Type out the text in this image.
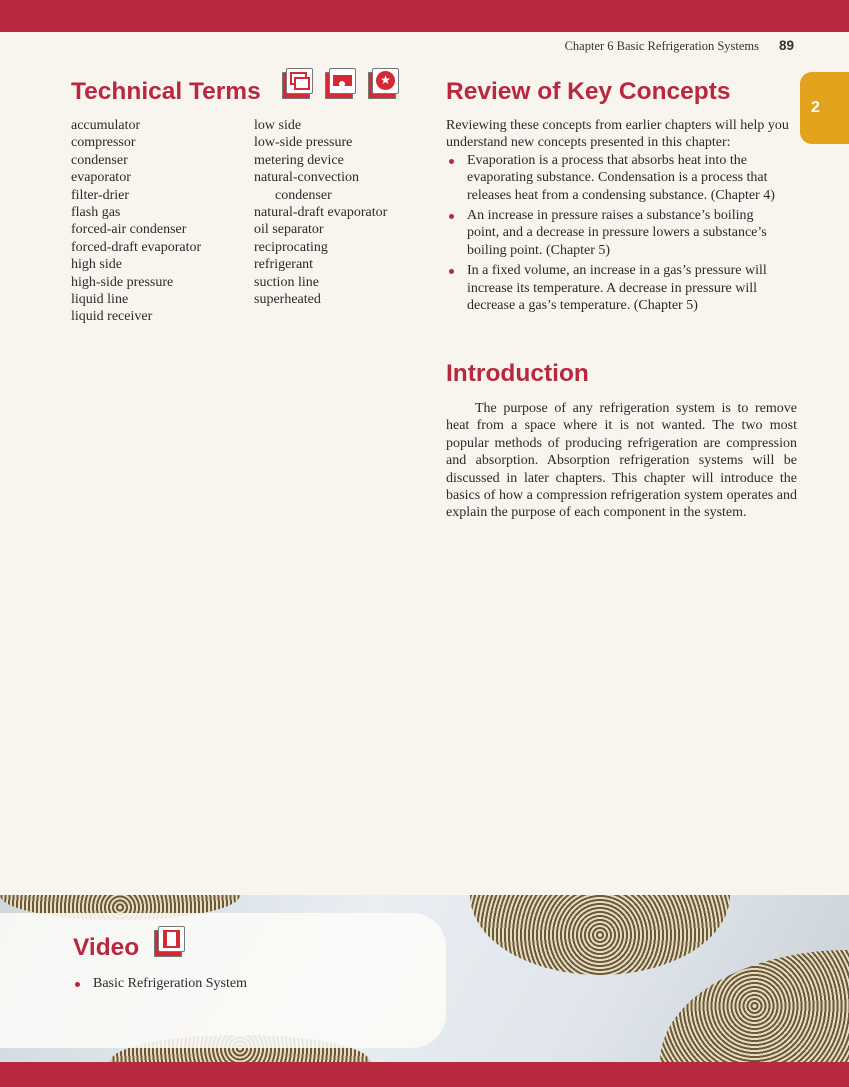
Chapter 6 Basic Refrigeration Systems 89
2
Technical Terms	★
accumulator
compressor
condenser
evaporator
filter-drier
flash gas
forced-air condenser
forced-draft evaporator
high side
high-side pressure
liquid line
liquid receiver
low side
low-side pressure
metering device
natural-convection
condenser
natural-draft evaporator
oil separator
reciprocating
refrigerant
suction line
superheated
Review of Key Concepts
Reviewing these concepts from earlier chapters will help you understand new concepts presented in this chapter:
Evaporation is a process that absorbs heat into the evaporating substance. Condensation is a process that releases heat from a condensing substance. (Chapter 4)
An increase in pressure raises a substance’s boiling point, and a decrease in pressure lowers a substance’s boiling point. (Chapter 5)
In a fixed volume, an increase in a gas’s pressure will increase its temperature. A decrease in pressure will decrease a gas’s temperature. (Chapter 5)
Introduction
The purpose of any refrigeration system is to remove heat from a space where it is not wanted. The two most popular methods of producing refrigeration are compression and absorption. Absorption refrigeration systems will be discussed in later chapters. This chapter will introduce the basics of how a compression refrigeration system operates and explain the purpose of each component in the system.
Video
Basic Refrigeration System
